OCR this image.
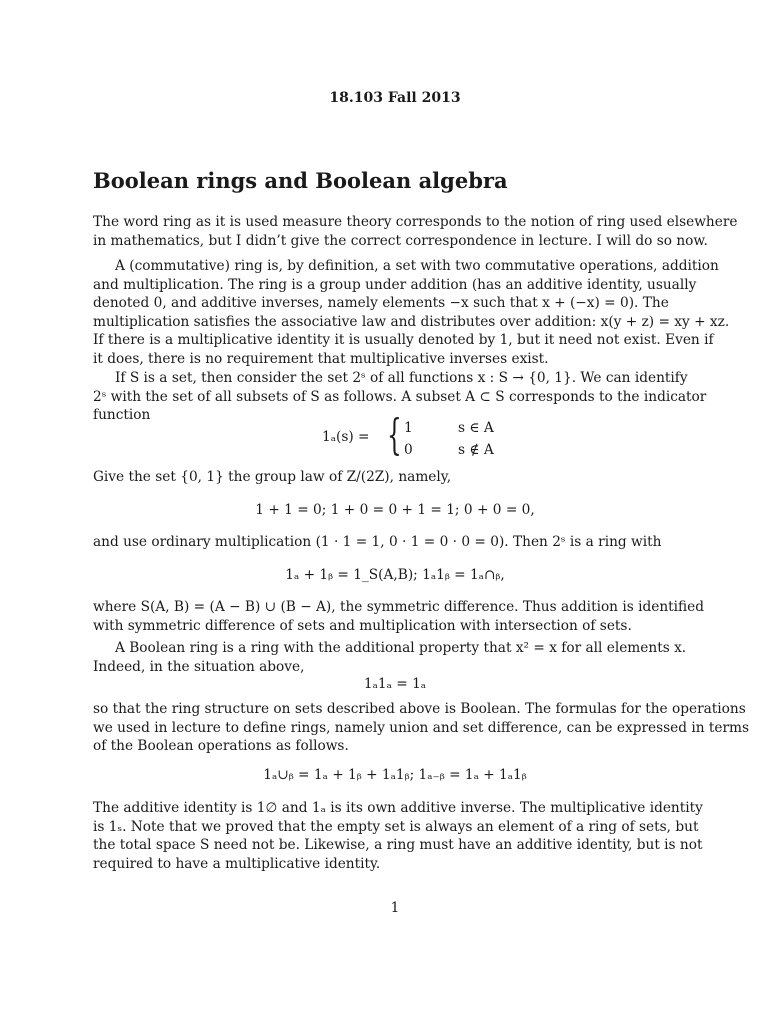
18.103 Fall 2013
Boolean rings and Boolean algebra
The word ring as it is used measure theory corresponds to the notion of ring used elsewhere
in mathematics, but I didn’t give the correct correspondence in lecture. I will do so now.
A (commutative) ring is, by definition, a set with two commutative operations, addition
and multiplication. The ring is a group under addition (has an additive identity, usually
denoted 0, and additive inverses, namely elements −x such that x + (−x) = 0). The
multiplication satisfies the associative law and distributes over addition: x(y + z) = xy + xz.
If there is a multiplicative identity it is usually denoted by 1, but it need not exist. Even if
it does, there is no requirement that multiplicative inverses exist.
If S is a set, then consider the set 2ˢ of all functions x : S → {0, 1}. We can identify
2ˢ with the set of all subsets of S as follows. A subset A ⊂ S corresponds to the indicator
function
1ₐ(s) = { 1	s ∈ A
0	s ∉ A
Give the set {0, 1} the group law of Z/(2Z), namely,
1 + 1 = 0; 1 + 0 = 0 + 1 = 1; 0 + 0 = 0,
and use ordinary multiplication (1 · 1 = 1, 0 · 1 = 0 · 0 = 0). Then 2ˢ is a ring with
1ₐ + 1ᵦ = 1_S(A,B); 1ₐ1ᵦ = 1ₐ∩ᵦ,
where S(A, B) = (A − B) ∪ (B − A), the symmetric difference. Thus addition is identified
with symmetric difference of sets and multiplication with intersection of sets.
A Boolean ring is a ring with the additional property that x² = x for all elements x.
Indeed, in the situation above,
1ₐ1ₐ = 1ₐ
so that the ring structure on sets described above is Boolean. The formulas for the operations
we used in lecture to define rings, namely union and set difference, can be expressed in terms
of the Boolean operations as follows.
1ₐ∪ᵦ = 1ₐ + 1ᵦ + 1ₐ1ᵦ; 1ₐ₋ᵦ = 1ₐ + 1ₐ1ᵦ
The additive identity is 1∅ and 1ₐ is its own additive inverse. The multiplicative identity
is 1ₛ. Note that we proved that the empty set is always an element of a ring of sets, but
the total space S need not be. Likewise, a ring must have an additive identity, but is not
required to have a multiplicative identity.
1
